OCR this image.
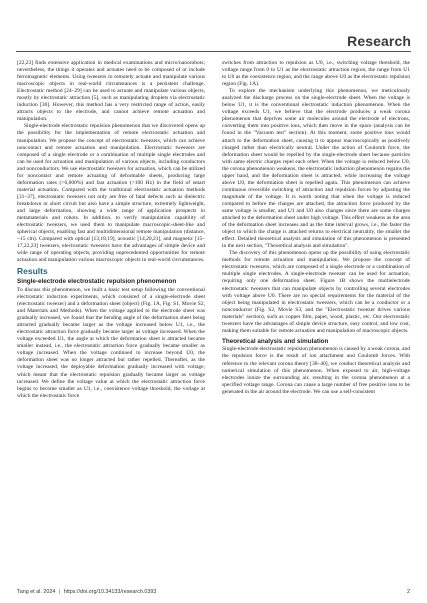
Research

[22,23] finds extensive application in medical examinations and micro/nanorobots; nevertheless, the things it operates and actuates need to be composed of or include ferromagnetic elements. Using tweezers to remotely actuate and manipulate various macroscopic objects in real-world circumstances is a persistent challenge. Electrostatic method [24–29] can be used to actuate and manipulate various objects, mostly by electrostatic attraction [5], such as manipulating droplets via electrostatic induction [30]. However, this method has a very restricted range of action, easily attracts objects to the electrode, and cannot achieve remote actuation and manipulation.

Single-electrode electrostatic repulsion phenomenon that we discovered opens up the possibility for the implementation of remote electrostatic actuation and manipulation. We propose the concept of electrostatic tweezers, which can achieve noncontact and remote actuation and manipulation. Electrostatic tweezers are composed of a single electrode or a combination of multiple single electrodes and can be used for actuation and manipulation of various objects, including conductors and nonconductors. We use electrostatic tweezers for actuation, which can be utilized for noncontact and remote actuating of deformable sheets, producing large deformation rates (>6,000%) and fast actuation (>100 Hz) in the field of smart material actuation. Compared with the traditional electrostatic actuation methods [31–37], electrostatic tweezers not only are free of fatal defects such as dielectric breakdown or short circuit but also have a simple structure, extremely lightweight, and large deformation, showing a wide range of application prospects in metamaterials and robots. In addition, to verify manipulation capability of electrostatic tweezers, we used them to manipulate macroscopic-sheet-like and spherical objects, enabling fast and multidimensional remote manipulation (distance, ~15 cm). Compared with optical [13,18,19], acoustic [14,20,21], and magnetic [15–17,22,23] tweezers, electrostatic tweezers have the advantages of simple device and wide range of operating objects, providing unprecedented opportunities for remote actuation and manipulation various macroscopic objects in real-world circumstances.

Results
Single-electrode electrostatic repulsion phenomenon

To discuss this phenomenon, we built a basic test setup following the conventional electrostatic induction experiments, which consisted of a single-electrode sheet (electrostatic tweezer) and a deformation sheet (object) (Fig. 1A, Fig. S1, Movie S2, and Materials and Methods). When the voltage applied to the electrode sheet was gradually increased, we found that the bending angle of the deformation sheet being attracted gradually became larger as the voltage increased below U1, i.e., the electrostatic attraction force gradually became larger as voltage increased. When the voltage exceeded U1, the angle at which the deformation sheet is attracted became smaller instead, i.e., the electrostatic attraction force gradually became smaller as voltage increased. When the voltage continued to increase beyond U0, the deformation sheet was no longer attracted but rather repelled. Thereafter, as the voltage increased, the deployable deformation gradually increased with voltage, which meant that the electrostatic repulsion gradually became larger as voltage increased. We define the voltage value at which the electrostatic attraction force begins to become smaller as U1, i.e., coexistence voltage threshold, the voltage at which the electrostatic force

switches from attraction to repulsion as U0, i.e., switching voltage threshold, the voltage range from 0 to U1 as the electrostatic attraction region, the range from U1 to U0 as the coexistence region, and the range above U0 as the electrostatic repulsion region (Fig. 1A).

To explore the mechanism underlying this phenomenon, we meticulously analyzed the discharge process on the single-electrode sheet. When the voltage is below U1, it is the conventional electrostatic induction phenomenon. When the voltage exceeds U1, we believe that the electrode produces a weak corona phenomenon that deprives some air molecules around the electrode of electrons, converting them into positive ions, which then move in the space (analysis can be found in the "Vacuum test" section). At this moment, some positive ions would attach to the deformation sheet, causing it to appear macroscopically as positively charged rather than electrically neutral. Under the action of Coulomb force, the deformation sheet would be repelled by the single-electrode sheet because particles with same electric charges repel each other. When the voltage is reduced below U0, the corona phenomenon weakens, the electrostatic induction phenomenon regains the upper hand, and the deformation sheet is attracted; while increasing the voltage above U0, the deformation sheet is repelled again. This phenomenon can achieve continuous reversible switching of attraction and repulsion forces by adjusting the magnitude of the voltage. It is worth noting that when the voltage is reduced compared to before the charges are attached, the attraction force produced by the same voltage is smaller, and U1 and U0 also changes since there are some charges attached to the deformation sheet under high voltage. This effect weakens as the area of the deformation sheet increases and as the time interval grows, i.e., the faster the object to which the charge is attached returns to electrical neutrality, the smaller the effect. Detailed theoretical analysis and simulation of this phenomenon is presented in the next section, "Theoretical analysis and simulation".

The discovery of this phenomenon opens up the possibility of using electrostatic methods for remote actuation and manipulation. We propose the concept of electrostatic tweezers, which are composed of a single electrode or a combination of multiple single electrodes. A single-electrode tweezer can be used for actuation, requiring only one deformation sheet. Figure 1B shows the multielectrode electrostatic tweezers that can manipulate objects by controlling several electrodes with voltage above U0. There are no special requirements for the material of the object being manipulated in electrostatic tweezers, which can be a conductor or a nonconductor (Fig. S2, Movie S3, and the "Electrostatic tweezer drives various materials" section), such as copper film, paper, wood, plastic, etc. Our electrostatic tweezers have the advantages of simple device structure, easy control, and low cost, making them suitable for remote actuation and manipulation of macroscopic objects.

Theoretical analysis and simulation

Single-electrode electrostatic repulsion phenomenon is caused by a weak corona, and the repulsion force is the result of ion attachment and Coulomb forces. With reference to the relevant corona theory [38–40], we conduct theoretical analysis and numerical simulation of this phenomenon. When exposed to air, high-voltage electrodes ionize the surrounding air, resulting in the corona phenomenon at a specified voltage range. Corona can cause a large number of free positive ions to be generated in the air around the electrode. We can use a self-consistent

Tang et al. 2024 | https://doi.org/10.34133/research.0393	2
